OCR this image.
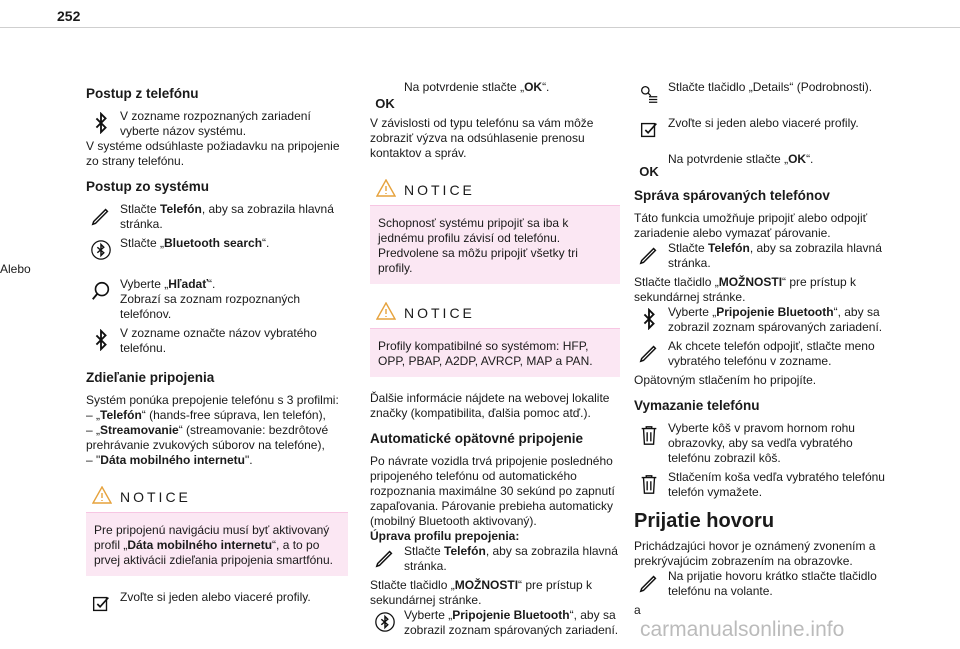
252
Postup z telefónu

V zozname rozpoznaných zariadení vyberte názov systému.

V systéme odsúhlaste požiadavku na pripojenie zo strany telefónu.

Postup zo systému

Stlačte Telefón, aby sa zobrazila hlavná stránka.

Stlačte „Bluetooth search“.

Alebo

Vyberte „Hľadať“.
Zobrazí sa zoznam rozpoznaných telefónov.

V zozname označte názov vybratého telefónu.

Zdieľanie pripojenia

Systém ponúka prepojenie telefónu s 3 profilmi:

– „Telefón“ (hands-free súprava, len telefón),

– „Streamovanie“ (streamovanie: bezdrôtové prehrávanie zvukových súborov na telefóne),

– "Dáta mobilného internetu".

NOTICE

Pre pripojenú navigáciu musí byť aktivovaný profil „Dáta mobilného internetu“, a to po prvej aktivácii zdieľania pripojenia smartfónu.

Zvoľte si jeden alebo viaceré profily.

OK

Na potvrdenie stlačte „OK“.

V závislosti od typu telefónu sa vám môže zobraziť výzva na odsúhlasenie prenosu kontaktov a správ.

NOTICE

Schopnosť systému pripojiť sa iba k jednému profilu závisí od telefónu.

Predvolene sa môžu pripojiť všetky tri profily.

NOTICE

Profily kompatibilné so systémom: HFP, OPP, PBAP, A2DP, AVRCP, MAP a PAN.

Ďalšie informácie nájdete na webovej lokalite značky (kompatibilita, ďalšia pomoc atď.).

Automatické opätovné pripojenie

Po návrate vozidla trvá pripojenie posledného pripojeného telefónu od automatického rozpoznania maximálne 30 sekúnd po zapnutí zapaľovania. Párovanie prebieha automaticky (mobilný Bluetooth aktivovaný).

Úprava profilu prepojenia:

Stlačte Telefón, aby sa zobrazila hlavná stránka.

Stlačte tlačidlo „MOŽNOSTI“ pre prístup k sekundárnej stránke.

Vyberte „Pripojenie Bluetooth“, aby sa zobrazil zoznam spárovaných zariadení.

Stlačte tlačidlo „Details“ (Podrobnosti).

Zvoľte si jeden alebo viaceré profily.

OK

Na potvrdenie stlačte „OK“.

Správa spárovaných telefónov

Táto funkcia umožňuje pripojiť alebo odpojiť zariadenie alebo vymazať párovanie.

Stlačte Telefón, aby sa zobrazila hlavná stránka.

Stlačte tlačidlo „MOŽNOSTI“ pre prístup k sekundárnej stránke.

Vyberte „Pripojenie Bluetooth“, aby sa zobrazil zoznam spárovaných zariadení.

Ak chcete telefón odpojiť, stlačte meno vybratého telefónu v zozname.

Opätovným stlačením ho pripojíte.

Vymazanie telefónu

Vyberte kôš v pravom hornom rohu obrazovky, aby sa vedľa vybratého telefónu zobrazil kôš.

Stlačením koša vedľa vybratého telefónu telefón vymažete.

Prijatie hovoru

Prichádzajúci hovor je oznámený zvonením a prekrývajúcim zobrazením na obrazovke.

Na prijatie hovoru krátko stlačte tlačidlo telefónu na volante.

a

carmanualsonline.info
